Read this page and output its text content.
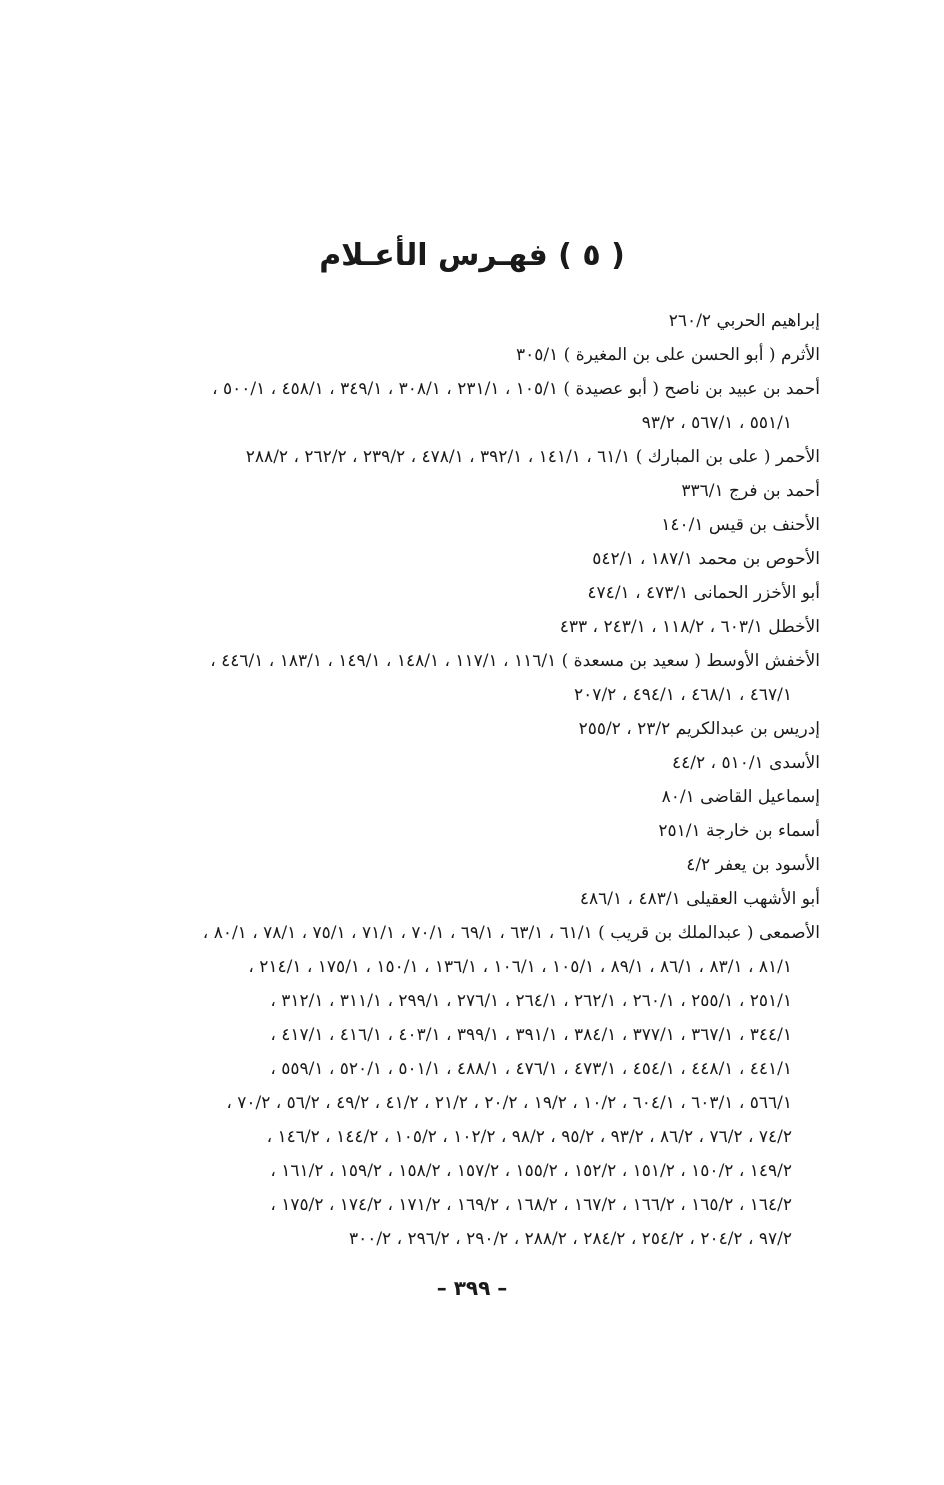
( ٥ ) فهـرس الأعـلام
إبراهيم الحربي ٢٦٠/٢
الأثرم ( أبو الحسن على بن المغيرة ) ٣٠٥/١
أحمد بن عبيد بن ناصح ( أبو عصيدة ) ١٠٥/١ ، ٢٣١/١ ، ٣٠٨/١ ، ٣٤٩/١ ، ٤٥٨/١ ، ٥٠٠/١ ،
٥٥١/١ ، ٥٦٧/١ ، ٩٣/٢
الأحمر ( على بن المبارك ) ٦١/١ ، ١٤١/١ ، ٣٩٢/١ ، ٤٧٨/١ ، ٢٣٩/٢ ، ٢٦٢/٢ ، ٢٨٨/٢
أحمد بن فرج ٣٣٦/١
الأحنف بن قيس ١٤٠/١
الأحوص بن محمد ١٨٧/١ ، ٥٤٢/١
أبو الأخزر الحمانى ٤٧٣/١ ، ٤٧٤/١
الأخطل ٦٠٣/١ ، ١١٨/٢ ، ٢٤٣/١ ، ٤٣٣
الأخفش الأوسط ( سعيد بن مسعدة ) ١١٦/١ ، ١١٧/١ ، ١٤٨/١ ، ١٤٩/١ ، ١٨٣/١ ، ٤٤٦/١ ،
٤٦٧/١ ، ٤٦٨/١ ، ٤٩٤/١ ، ٢٠٧/٢
إدريس بن عبدالكريم ٢٣/٢ ، ٢٥٥/٢
الأسدى ٥١٠/١ ، ٤٤/٢
إسماعيل القاضى ٨٠/١
أسماء بن خارجة ٢٥١/١
الأسود بن يعفر ٤/٢
أبو الأشهب العقيلى ٤٨٣/١ ، ٤٨٦/١
الأصمعى ( عبدالملك بن قريب ) ٦١/١ ، ٦٣/١ ، ٦٩/١ ، ٧٠/١ ، ٧١/١ ، ٧٥/١ ، ٧٨/١ ، ٨٠/١ ،
٨١/١ ، ٨٣/١ ، ٨٦/١ ، ٨٩/١ ، ١٠٥/١ ، ١٠٦/١ ، ١٣٦/١ ، ١٥٠/١ ، ١٧٥/١ ، ٢١٤/١ ،
٢٥١/١ ، ٢٥٥/١ ، ٢٦٠/١ ، ٢٦٢/١ ، ٢٦٤/١ ، ٢٧٦/١ ، ٢٩٩/١ ، ٣١١/١ ، ٣١٢/١ ،
٣٤٤/١ ، ٣٦٧/١ ، ٣٧٧/١ ، ٣٨٤/١ ، ٣٩١/١ ، ٣٩٩/١ ، ٤٠٣/١ ، ٤١٦/١ ، ٤١٧/١ ،
٤٤١/١ ، ٤٤٨/١ ، ٤٥٤/١ ، ٤٧٣/١ ، ٤٧٦/١ ، ٤٨٨/١ ، ٥٠١/١ ، ٥٢٠/١ ، ٥٥٩/١ ،
٥٦٦/١ ، ٦٠٣/١ ، ٦٠٤/١ ، ١٠/٢ ، ١٩/٢ ، ٢٠/٢ ، ٢١/٢ ، ٤١/٢ ، ٤٩/٢ ، ٥٦/٢ ، ٧٠/٢ ،
٧٤/٢ ، ٧٦/٢ ، ٨٦/٢ ، ٩٣/٢ ، ٩٥/٢ ، ٩٨/٢ ، ١٠٢/٢ ، ١٠٥/٢ ، ١٤٤/٢ ، ١٤٦/٢ ،
١٤٩/٢ ، ١٥٠/٢ ، ١٥١/٢ ، ١٥٢/٢ ، ١٥٥/٢ ، ١٥٧/٢ ، ١٥٨/٢ ، ١٥٩/٢ ، ١٦١/٢ ،
١٦٤/٢ ، ١٦٥/٢ ، ١٦٦/٢ ، ١٦٧/٢ ، ١٦٨/٢ ، ١٦٩/٢ ، ١٧١/٢ ، ١٧٤/٢ ، ١٧٥/٢ ،
٩٧/٢ ، ٢٠٤/٢ ، ٢٥٤/٢ ، ٢٨٤/٢ ، ٢٨٨/٢ ، ٢٩٠/٢ ، ٢٩٦/٢ ، ٣٠٠/٢
– ٣٩٩ –
